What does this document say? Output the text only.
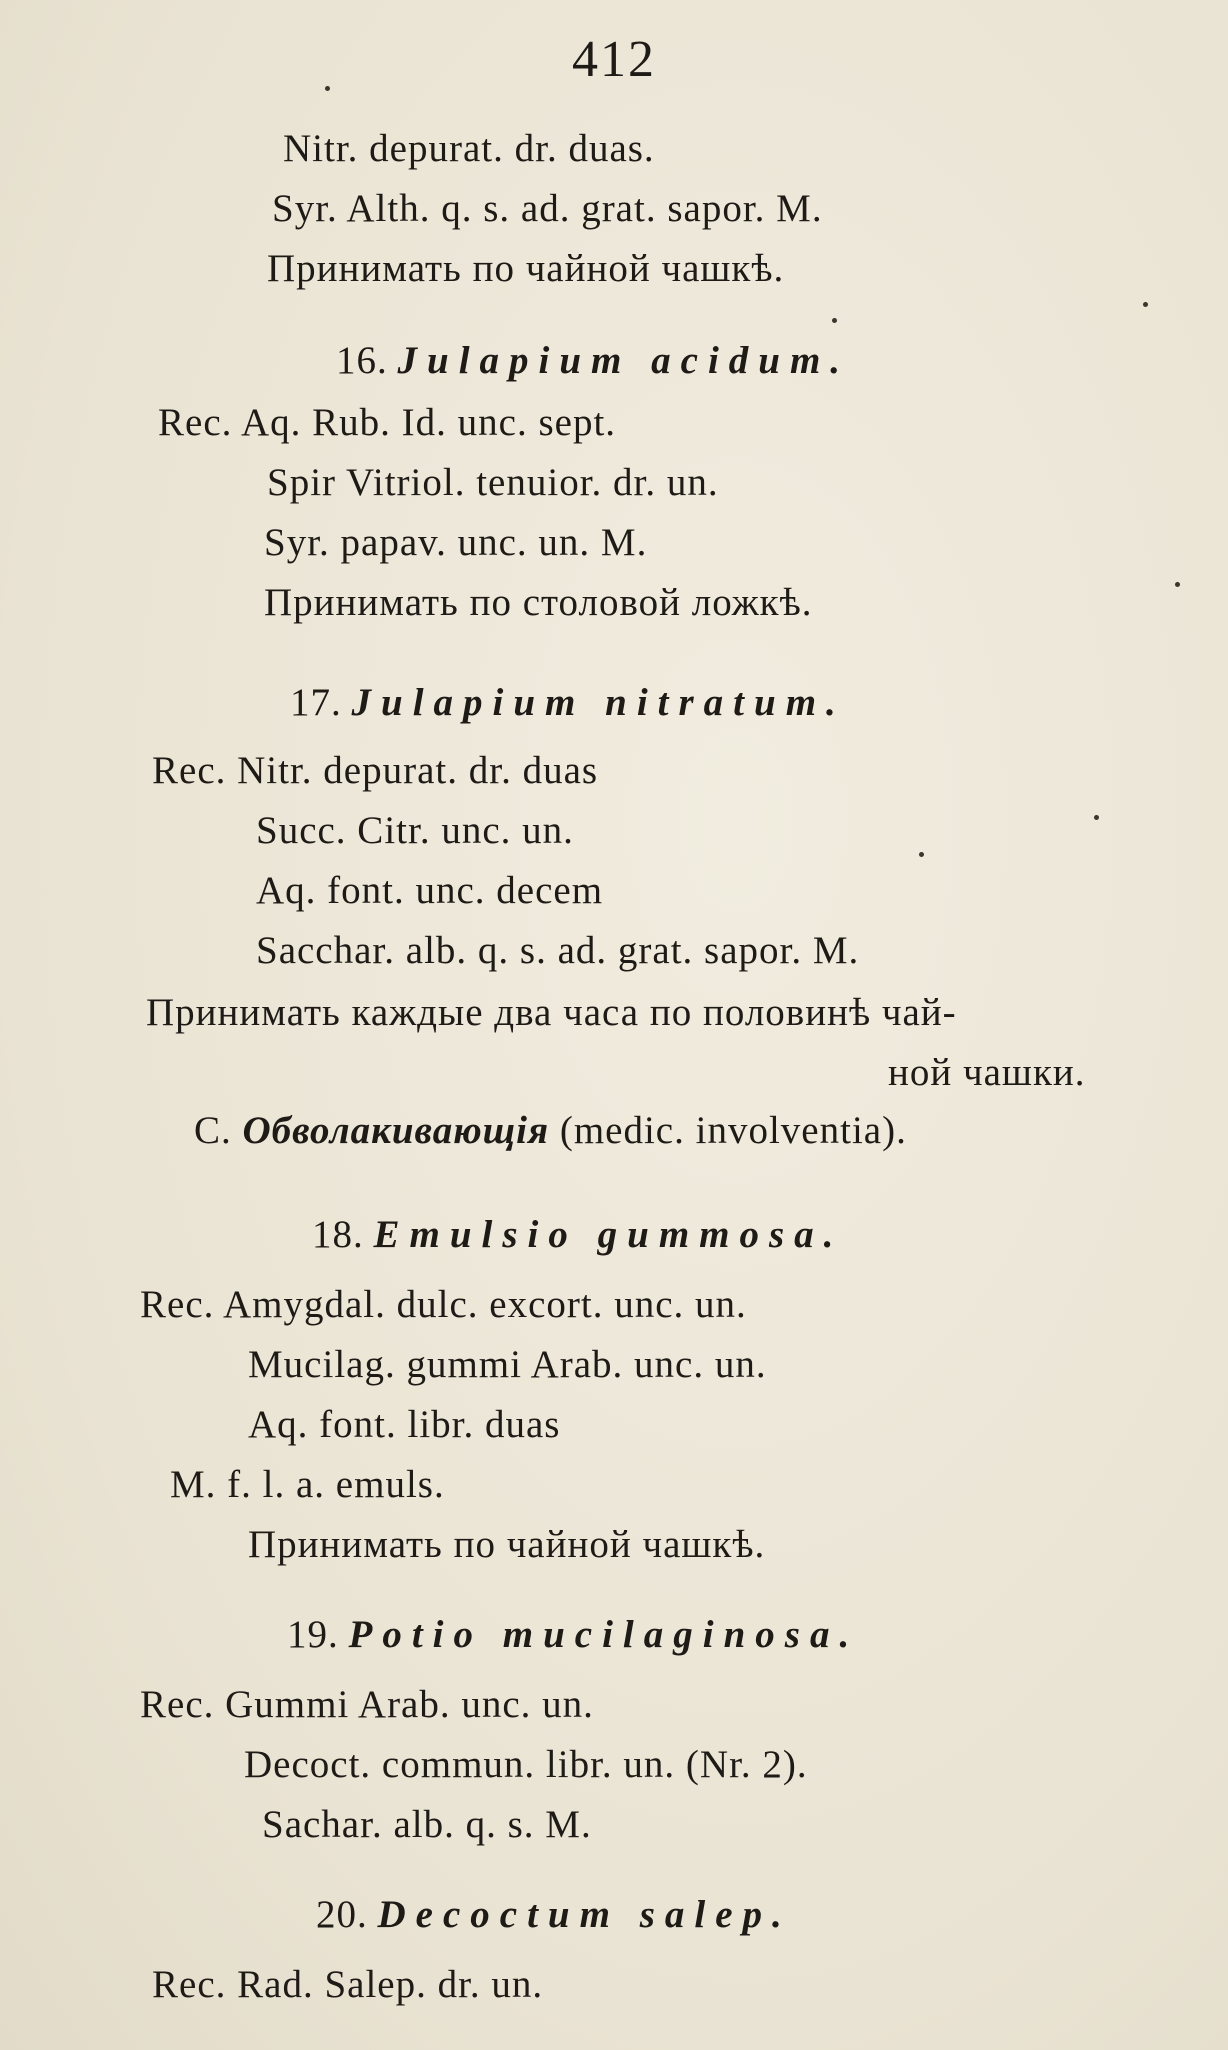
412
Nitr. depurat. dr. duas.
Syr. Alth. q. s. ad. grat. sapor. M.
Принимать по чайной чашкѣ.
16. Julapium acidum.
Rec. Aq. Rub. Id. unc. sept.
Spir Vitriol. tenuior. dr. un.
Syr. papav. unc. un. M.
Принимать по столовой ложкѣ.
17. Julapium nitratum.
Rec. Nitr. depurat. dr. duas
Succ. Citr. unc. un.
Aq. font. unc. decem
Sacchar. alb. q. s. ad. grat. sapor. M.
Принимать каждые два часа по половинѣ чай-
ной чашки.
C. Обволакивающія (medic. involventia).
18. Emulsio gummosa.
Rec. Amygdal. dulc. excort. unc. un.
Mucilag. gummi Arab. unc. un.
Aq. font. libr. duas
M. f. l. a. emuls.
Принимать по чайной чашкѣ.
19. Potio mucilaginosa.
Rec. Gummi Arab. unc. un.
Decoct. commun. libr. un. (Nr. 2).
Sachar. alb. q. s. M.
20. Decoctum salep.
Rec. Rad. Salep. dr. un.
